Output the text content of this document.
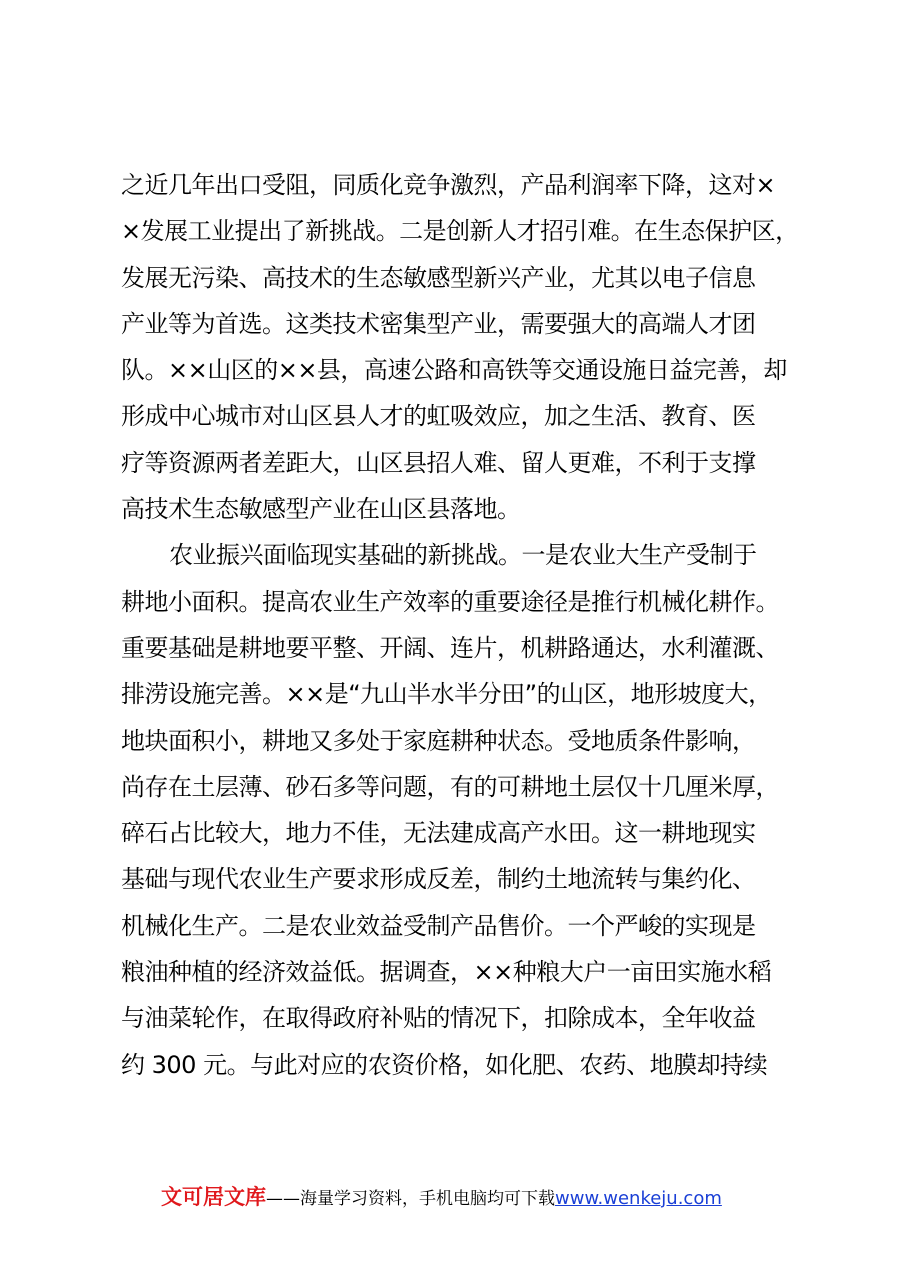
之近几年出口受阻，同质化竞争激烈，产品利润率下降，这对×
×发展工业提出了新挑战。二是创新人才招引难。在生态保护区，
发展无污染、高技术的生态敏感型新兴产业，尤其以电子信息
产业等为首选。这类技术密集型产业，需要强大的高端人才团
队。××山区的××县，高速公路和高铁等交通设施日益完善，却
形成中心城市对山区县人才的虹吸效应，加之生活、教育、医
疗等资源两者差距大，山区县招人难、留人更难，不利于支撑
高技术生态敏感型产业在山区县落地。
农业振兴面临现实基础的新挑战。一是农业大生产受制于
耕地小面积。提高农业生产效率的重要途径是推行机械化耕作。
重要基础是耕地要平整、开阔、连片，机耕路通达，水利灌溉、
排涝设施完善。××是“九山半水半分田”的山区，地形坡度大，
地块面积小，耕地又多处于家庭耕种状态。受地质条件影响，
尚存在土层薄、砂石多等问题，有的可耕地土层仅十几厘米厚，
碎石占比较大，地力不佳，无法建成高产水田。这一耕地现实
基础与现代农业生产要求形成反差，制约土地流转与集约化、
机械化生产。二是农业效益受制产品售价。一个严峻的实现是
粮油种植的经济效益低。据调查，××种粮大户一亩田实施水稻
与油菜轮作，在取得政府补贴的情况下，扣除成本，全年收益
约 300 元。与此对应的农资价格，如化肥、农药、地膜却持续
文可居文库——海量学习资料，手机电脑均可下载www.wenkeju.com
